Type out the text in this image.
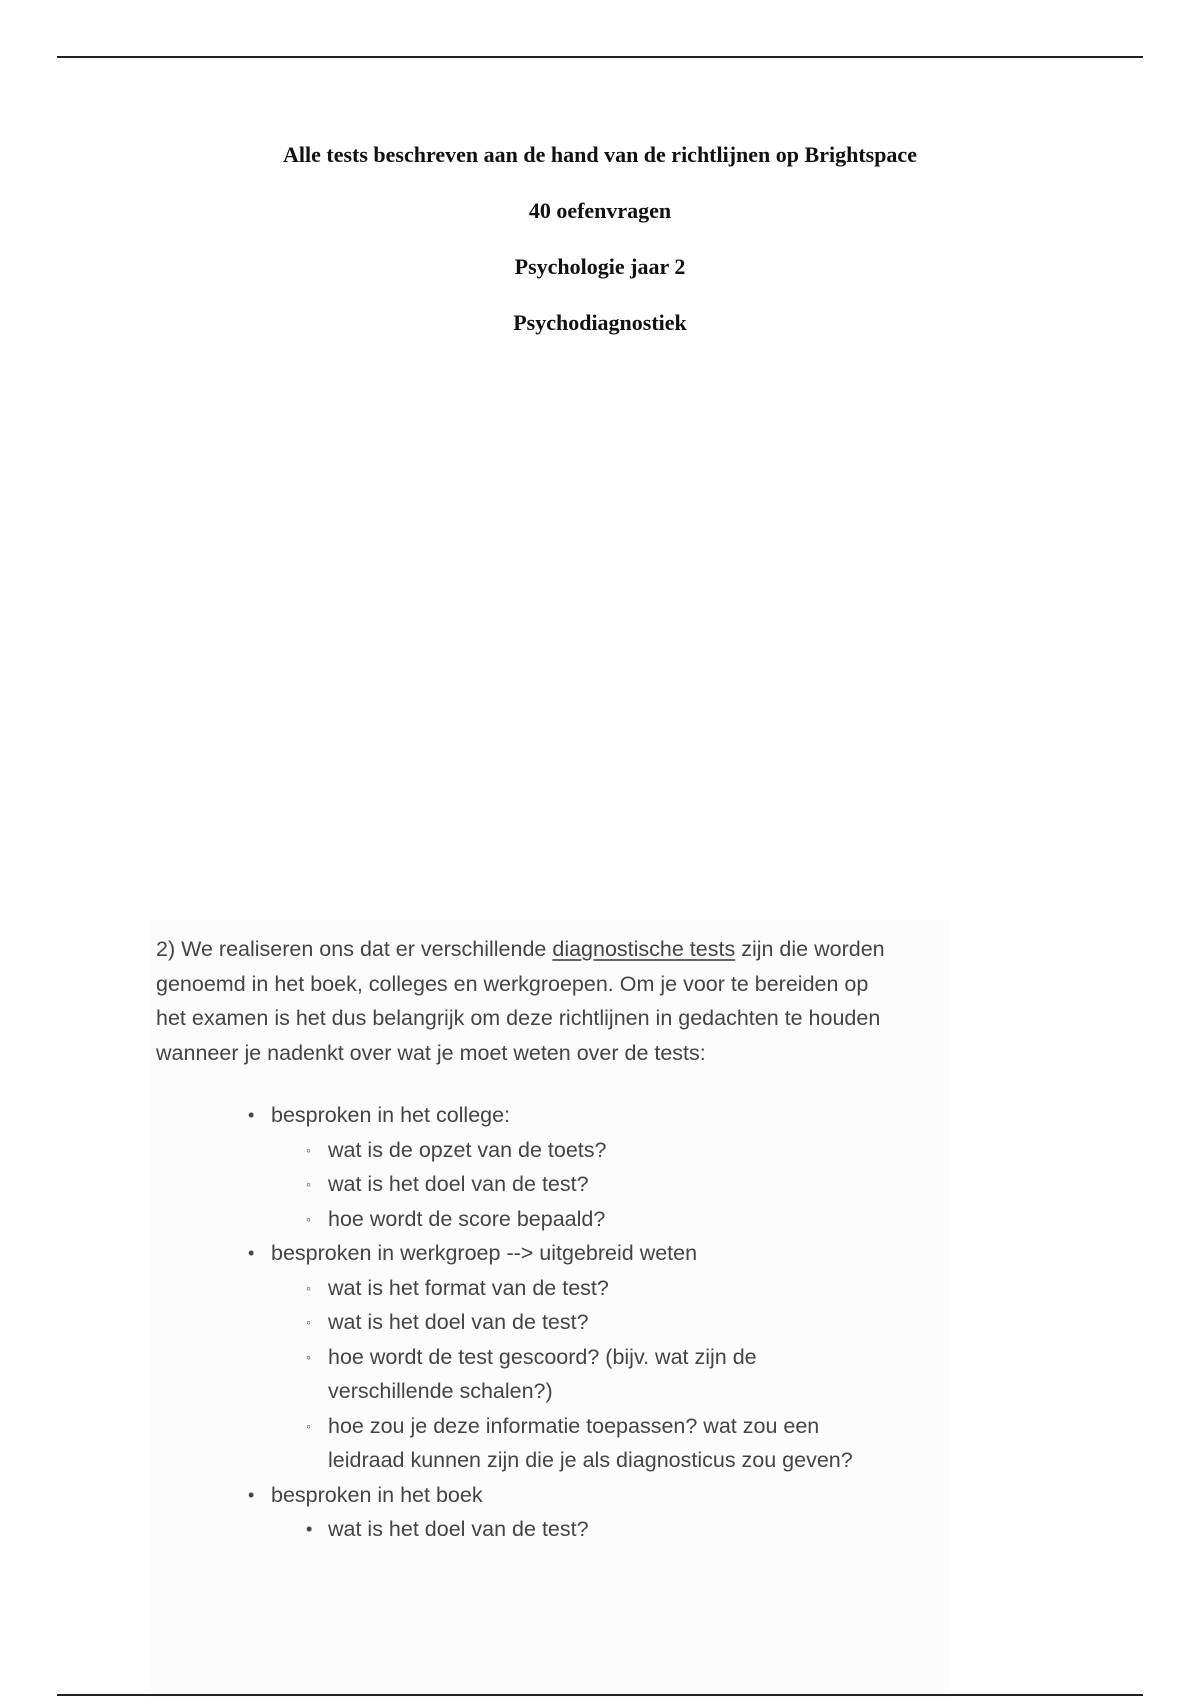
Alle tests beschreven aan de hand van de richtlijnen op Brightspace

40 oefenvragen

Psychologie jaar 2

Psychodiagnostiek

2) We realiseren ons dat er verschillende diagnostische tests zijn die worden
genoemd in het boek, colleges en werkgroepen. Om je voor te bereiden op
het examen is het dus belangrijk om deze richtlijnen in gedachten te houden
wanneer je nadenkt over wat je moet weten over de tests:

• besproken in het college:
◦ wat is de opzet van de toets?
◦ wat is het doel van de test?
◦ hoe wordt de score bepaald?
• besproken in werkgroep --> uitgebreid weten
◦ wat is het format van de test?
◦ wat is het doel van de test?
◦ hoe wordt de test gescoord? (bijv. wat zijn de verschillende schalen?)
◦ hoe zou je deze informatie toepassen? wat zou een leidraad kunnen zijn die je als diagnosticus zou geven?
• besproken in het boek
• wat is het doel van de test?
